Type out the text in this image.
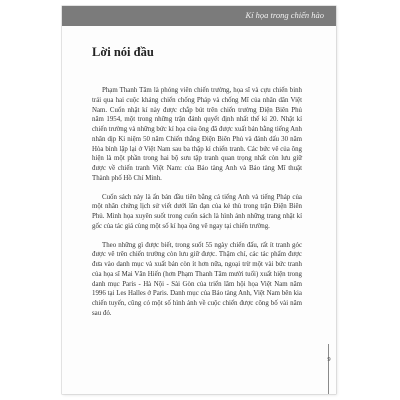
Kí họa trong chiến hào
Lời nói đầu

Phạm Thanh Tâm là phóng viên chiến trường, họa sĩ và cựu chiến binh trải qua hai cuộc kháng chiến chống Pháp và chống Mĩ của nhân dân Việt Nam. Cuốn nhật kí này được chắp bút trên chiến trường Điện Biên Phủ năm 1954, một trong những trận đánh quyết định nhất thế kỉ 20. Nhật kí chiến trường và những bức kí họa của ông đã được xuất bản bằng tiếng Anh nhân dịp Kỉ niệm 50 năm Chiến thắng Điện Biên Phủ và đánh dấu 30 năm Hòa bình lập lại ở Việt Nam sau ba thập kỉ chiến tranh. Các bức vẽ của ông hiện là một phần trong hai bộ sưu tập tranh quan trọng nhất còn lưu giữ được về chiến tranh Việt Nam: của Bảo tàng Anh và Bảo tàng Mĩ thuật Thành phố Hồ Chí Minh.

Cuốn sách này là ấn bản đầu tiên bằng cả tiếng Anh và tiếng Pháp của một nhân chứng lịch sử viết dưới lăn đạn của kẻ thù trong trận Điện Biên Phủ. Minh họa xuyên suốt trong cuốn sách là hình ảnh những trang nhật kí gốc của tác giả cùng một số kí họa ông vẽ ngay tại chiến trường.

Theo những gì được biết, trong suốt 55 ngày chiến đấu, rất ít tranh góc được vẽ trên chiến trường còn lưu giữ được. Thậm chí, các tác phẩm được đưa vào danh mục và xuất bản còn ít hơn nữa, ngoại trừ một vài bức tranh của họa sĩ Mai Văn Hiến (hơn Phạm Thanh Tâm mười tuổi) xuất hiện trong danh mục Paris - Hà Nội - Sài Gòn của triển lãm hội họa Việt Nam năm 1996 tại Les Halles ở Paris. Danh mục của Bảo tàng Anh, Việt Nam bên kia chiến tuyến, cũng có một số hình ảnh về cuộc chiến được công bố vài năm sau đó.

9
